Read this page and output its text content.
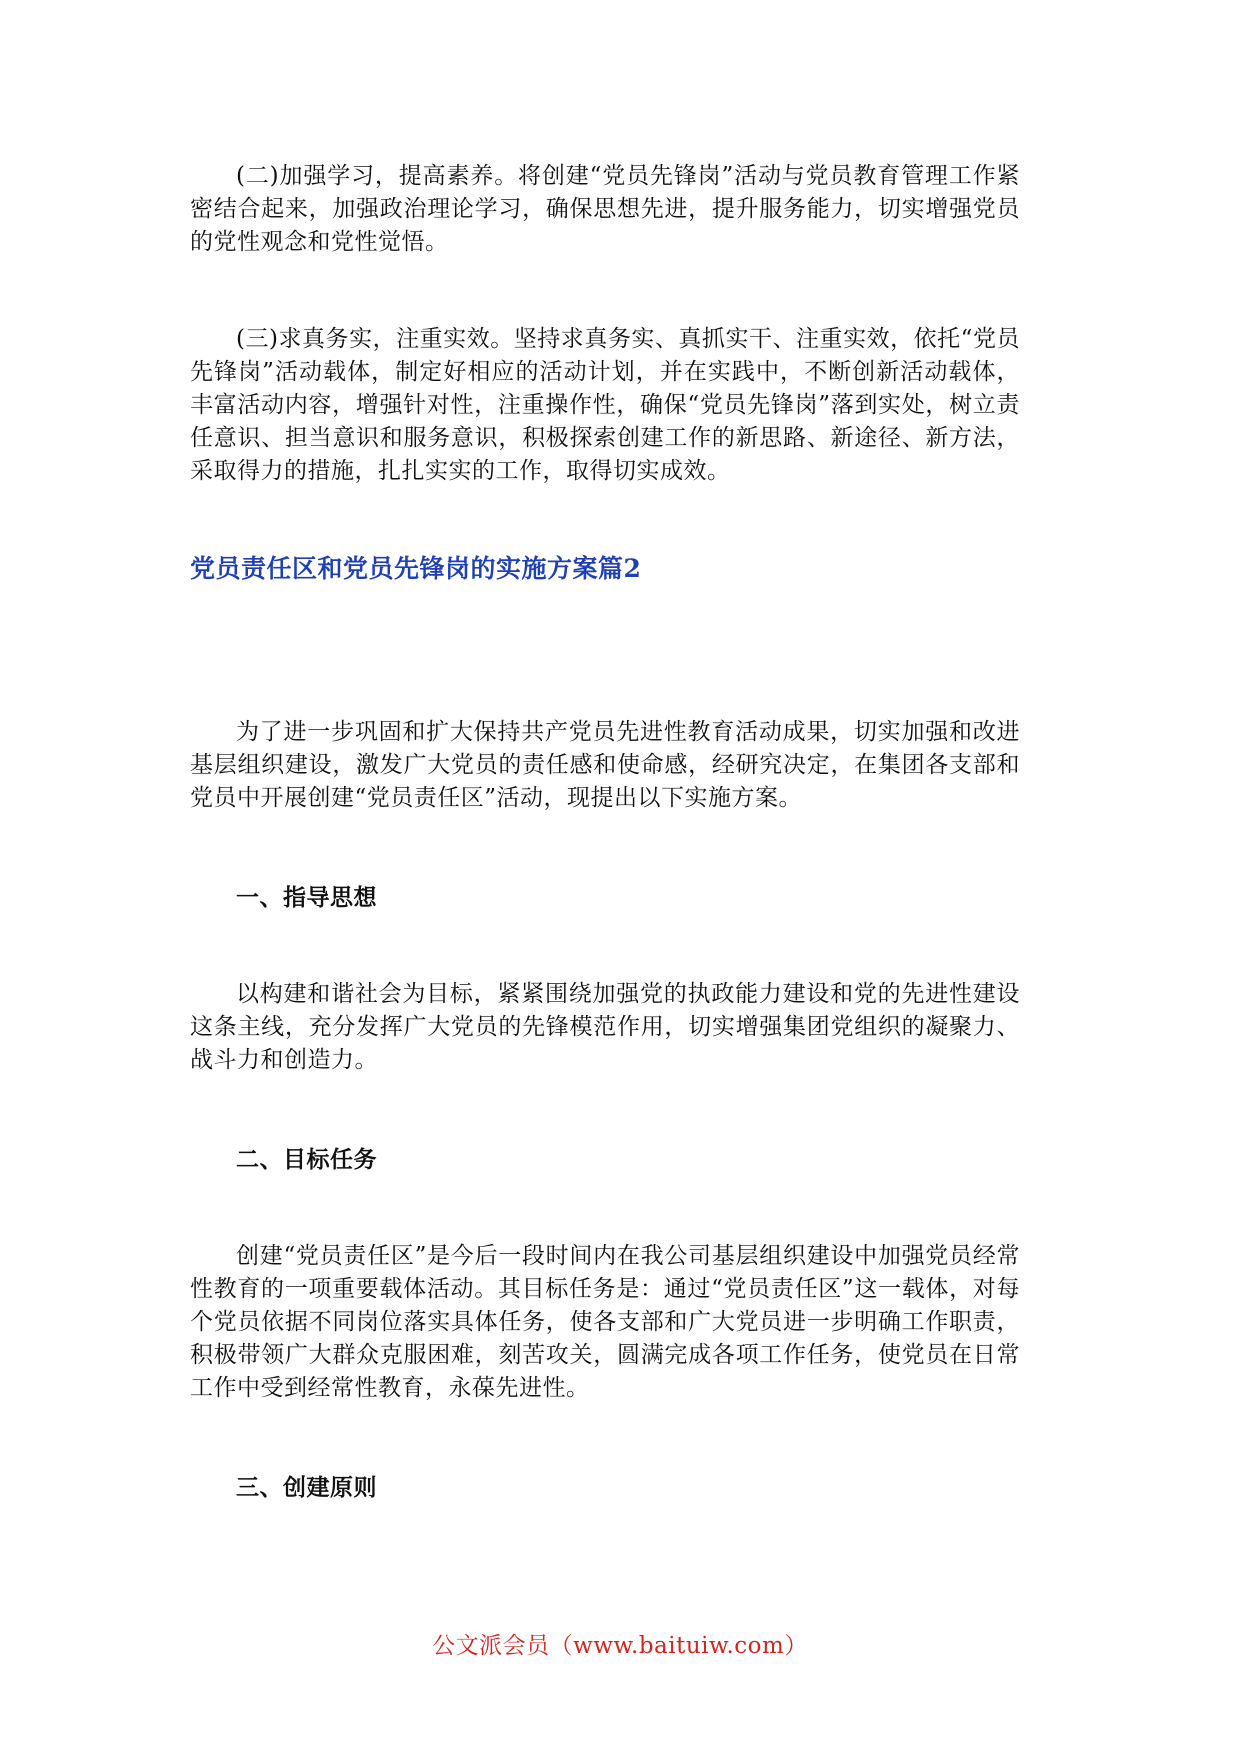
(二)加强学习，提高素养。将创建“党员先锋岗”活动与党员教育管理工作紧密结合起来，加强政治理论学习，确保思想先进，提升服务能力，切实增强党员的党性观念和党性觉悟。

(三)求真务实，注重实效。坚持求真务实、真抓实干、注重实效，依托“党员先锋岗”活动载体，制定好相应的活动计划，并在实践中，不断创新活动载体，丰富活动内容，增强针对性，注重操作性，确保“党员先锋岗”落到实处，树立责任意识、担当意识和服务意识，积极探索创建工作的新思路、新途径、新方法，采取得力的措施，扎扎实实的工作，取得切实成效。

党员责任区和党员先锋岗的实施方案篇2

为了进一步巩固和扩大保持共产党员先进性教育活动成果，切实加强和改进基层组织建设，激发广大党员的责任感和使命感，经研究决定，在集团各支部和党员中开展创建“党员责任区”活动，现提出以下实施方案。

一、指导思想

以构建和谐社会为目标，紧紧围绕加强党的执政能力建设和党的先进性建设这条主线，充分发挥广大党员的先锋模范作用，切实增强集团党组织的凝聚力、战斗力和创造力。

二、目标任务

创建“党员责任区”是今后一段时间内在我公司基层组织建设中加强党员经常性教育的一项重要载体活动。其目标任务是：通过“党员责任区”这一载体，对每个党员依据不同岗位落实具体任务，使各支部和广大党员进一步明确工作职责，积极带领广大群众克服困难，刻苦攻关，圆满完成各项工作任务，使党员在日常工作中受到经常性教育，永葆先进性。

三、创建原则

公文派会员（www.baituiw.com）
